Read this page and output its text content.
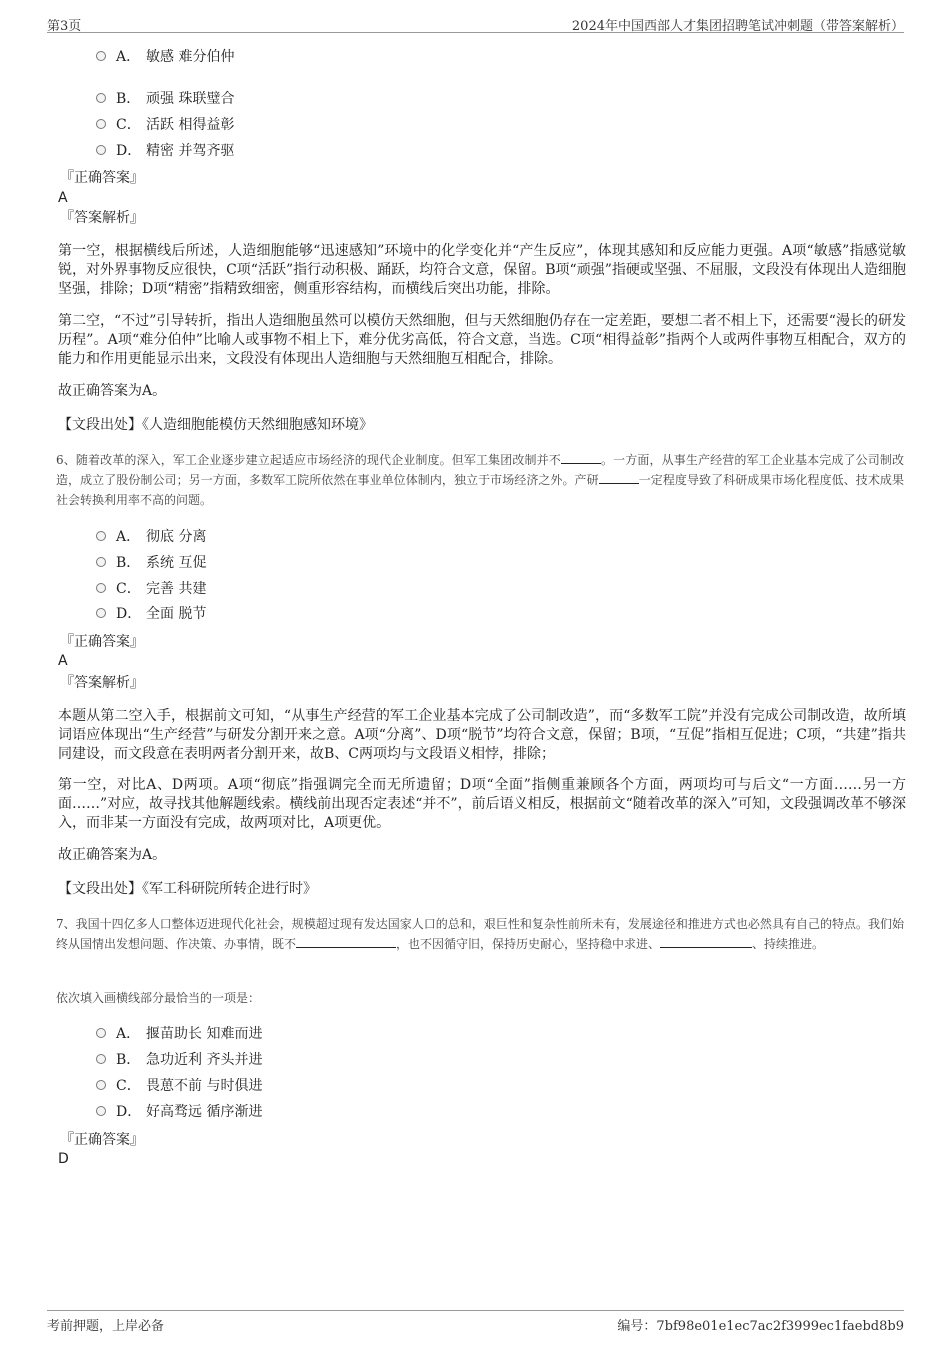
第3页	2024年中国西部人才集团招聘笔试冲刺题（带答案解析）
A． 敏感 难分伯仲
B． 顽强 珠联璧合
C． 活跃 相得益彰
D． 精密 并驾齐驱
『正确答案』
A
『答案解析』
第一空，根据横线后所述，人造细胞能够“迅速感知”环境中的化学变化并“产生反应”，体现其感知和反应能力更强。A项“敏感”指感觉敏锐，对外界事物反应很快，C项“活跃”指行动积极、踊跃，均符合文意，保留。B项“顽强”指硬或坚强、不屈服，文段没有体现出人造细胞坚强，排除；D项“精密”指精致细密，侧重形容结构，而横线后突出功能，排除。
第二空，“不过”引导转折，指出人造细胞虽然可以模仿天然细胞，但与天然细胞仍存在一定差距，要想二者不相上下，还需要“漫长的研发历程”。A项“难分伯仲”比喻人或事物不相上下，难分优劣高低，符合文意，当选。C项“相得益彰”指两个人或两件事物互相配合，双方的能力和作用更能显示出来，文段没有体现出人造细胞与天然细胞互相配合，排除。
故正确答案为A。
【文段出处】《人造细胞能模仿天然细胞感知环境》
6、随着改革的深入，军工企业逐步建立起适应市场经济的现代企业制度。但军工集团改制并不	。一方面，从事生产经营的军工企业基本完成了公司制改造，成立了股份制公司；另一方面，多数军工院所依然在事业单位体制内，独立于市场经济之外。产研	一定程度导致了科研成果市场化程度低、技术成果社会转换利用率不高的问题。
A． 彻底 分离
B． 系统 互促
C． 完善 共建
D． 全面 脱节
『正确答案』
A
『答案解析』
本题从第二空入手，根据前文可知，“从事生产经营的军工企业基本完成了公司制改造”，而“多数军工院”并没有完成公司制改造，故所填词语应体现出“生产经营”与研发分割开来之意。A项“分离”、D项“脱节”均符合文意，保留；B项，“互促”指相互促进；C项，“共建”指共同建设，而文段意在表明两者分割开来，故B、C两项均与文段语义相悖，排除；
第一空，对比A、D两项。A项“彻底”指强调完全而无所遗留；D项“全面”指侧重兼顾各个方面，两项均可与后文“一方面……另一方面……”对应，故寻找其他解题线索。横线前出现否定表述“并不”，前后语义相反，根据前文“随着改革的深入”可知，文段强调改革不够深入，而非某一方面没有完成，故两项对比，A项更优。
故正确答案为A。
【文段出处】《军工科研院所转企进行时》
7、我国十四亿多人口整体迈进现代化社会，规模超过现有发达国家人口的总和，艰巨性和复杂性前所未有，发展途径和推进方式也必然具有自己的特点。我们始终从国情出发想问题、作决策、办事情，既不	，也不因循守旧，保持历史耐心，坚持稳中求进、	、持续推进。
依次填入画横线部分最恰当的一项是：
A． 揠苗助长 知难而进
B． 急功近利 齐头并进
C． 畏葸不前 与时俱进
D． 好高骛远 循序渐进
『正确答案』
D
考前押题，上岸必备	编号：7bf98e01e1ec7ac2f3999ec1faebd8b9
